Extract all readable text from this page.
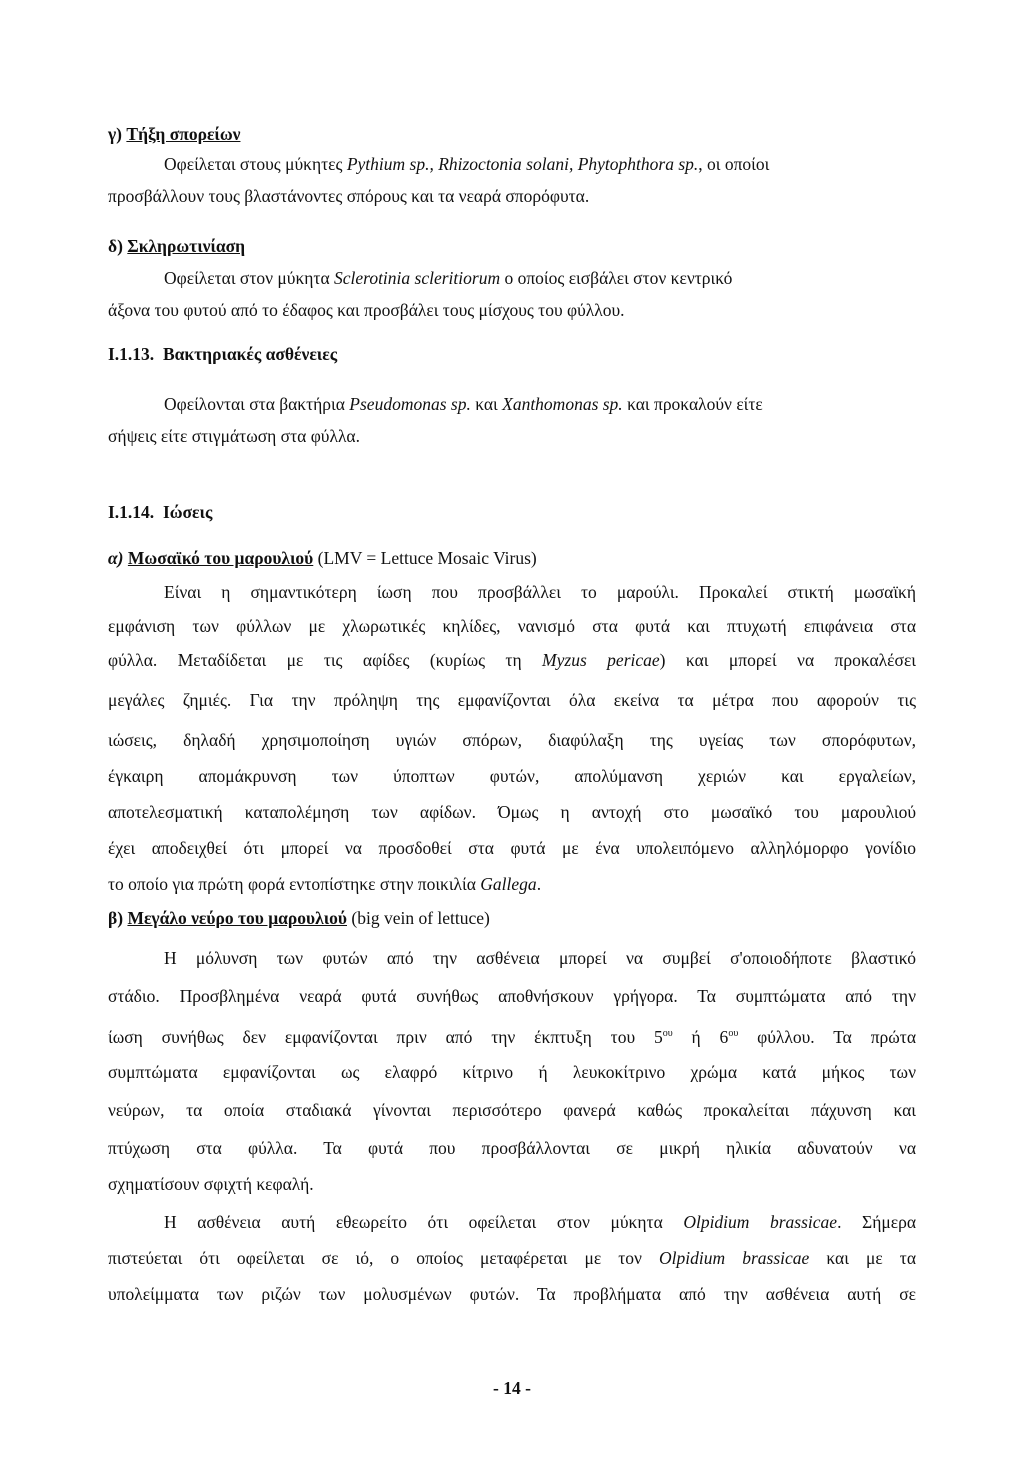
γ) Τήξη σπορείων
Οφείλεται στους μύκητες Pythium sp., Rhizoctonia solani, Phytophthora sp., οι οποίοι
προσβάλλουν τους βλαστάνοντες σπόρους και τα νεαρά σπορόφυτα.
δ) Σκληρωτινίαση
Οφείλεται στον μύκητα Sclerotinia scleritiorum ο οποίος εισβάλει στον κεντρικό
άξονα του φυτού από το έδαφος και προσβάλει τους μίσχους του φύλλου.
Ι.1.13. Βακτηριακές ασθένειες
Οφείλονται στα βακτήρια Pseudomonas sp. και Xanthomonas sp. και προκαλούν είτε
σήψεις είτε στιγμάτωση στα φύλλα.
Ι.1.14. Ιώσεις
α) Μωσαϊκό του μαρουλιού (LMV = Lettuce Mosaic Virus)
Είναι η σημαντικότερη ίωση που προσβάλλει το μαρούλι. Προκαλεί στικτή μωσαϊκή
εμφάνιση των φύλλων με χλωρωτικές κηλίδες, νανισμό στα φυτά και πτυχωτή επιφάνεια στα
φύλλα. Μεταδίδεται με τις αφίδες (κυρίως τη Myzus pericae) και μπορεί να προκαλέσει
μεγάλες ζημιές. Για την πρόληψη της εμφανίζονται όλα εκείνα τα μέτρα που αφορούν τις
ιώσεις, δηλαδή χρησιμοποίηση υγιών σπόρων, διαφύλαξη της υγείας των σπορόφυτων,
έγκαιρη απομάκρυνση των ύποπτων φυτών, απολύμανση χεριών και εργαλείων,
αποτελεσματική καταπολέμηση των αφίδων. Όμως η αντοχή στο μωσαϊκό του μαρουλιού
έχει αποδειχθεί ότι μπορεί να προσδοθεί στα φυτά με ένα υπολειπόμενο αλληλόμορφο γονίδιο
το οποίο για πρώτη φορά εντοπίστηκε στην ποικιλία Gallega.
β) Μεγάλο νεύρο του μαρουλιού (big vein of lettuce)
Η μόλυνση των φυτών από την ασθένεια μπορεί να συμβεί σ'οποιοδήποτε βλαστικό
στάδιο. Προσβλημένα νεαρά φυτά συνήθως αποθνήσκουν γρήγορα. Τα συμπτώματα από την
ίωση συνήθως δεν εμφανίζονται πριν από την έκπτυξη του $5^{o\upsilon}$ ή $6^{o\upsilon}$ φύλλου. Τα πρώτα
συμπτώματα εμφανίζονται ως ελαφρό κίτρινο ή λευκοκίτρινο χρώμα κατά μήκος των
νεύρων, τα οποία σταδιακά γίνονται περισσότερο φανερά καθώς προκαλείται πάχυνση και
πτύχωση στα φύλλα. Τα φυτά που προσβάλλονται σε μικρή ηλικία αδυνατούν να
σχηματίσουν σφιχτή κεφαλή.
Η ασθένεια αυτή εθεωρείτο ότι οφείλεται στον μύκητα Olpidium brassicae. Σήμερα
πιστεύεται ότι οφείλεται σε ιό, ο οποίος μεταφέρεται με τον Olpidium brassicae και με τα
υπολείμματα των ριζών των μολυσμένων φυτών. Τα προβλήματα από την ασθένεια αυτή σε
- 14 -
